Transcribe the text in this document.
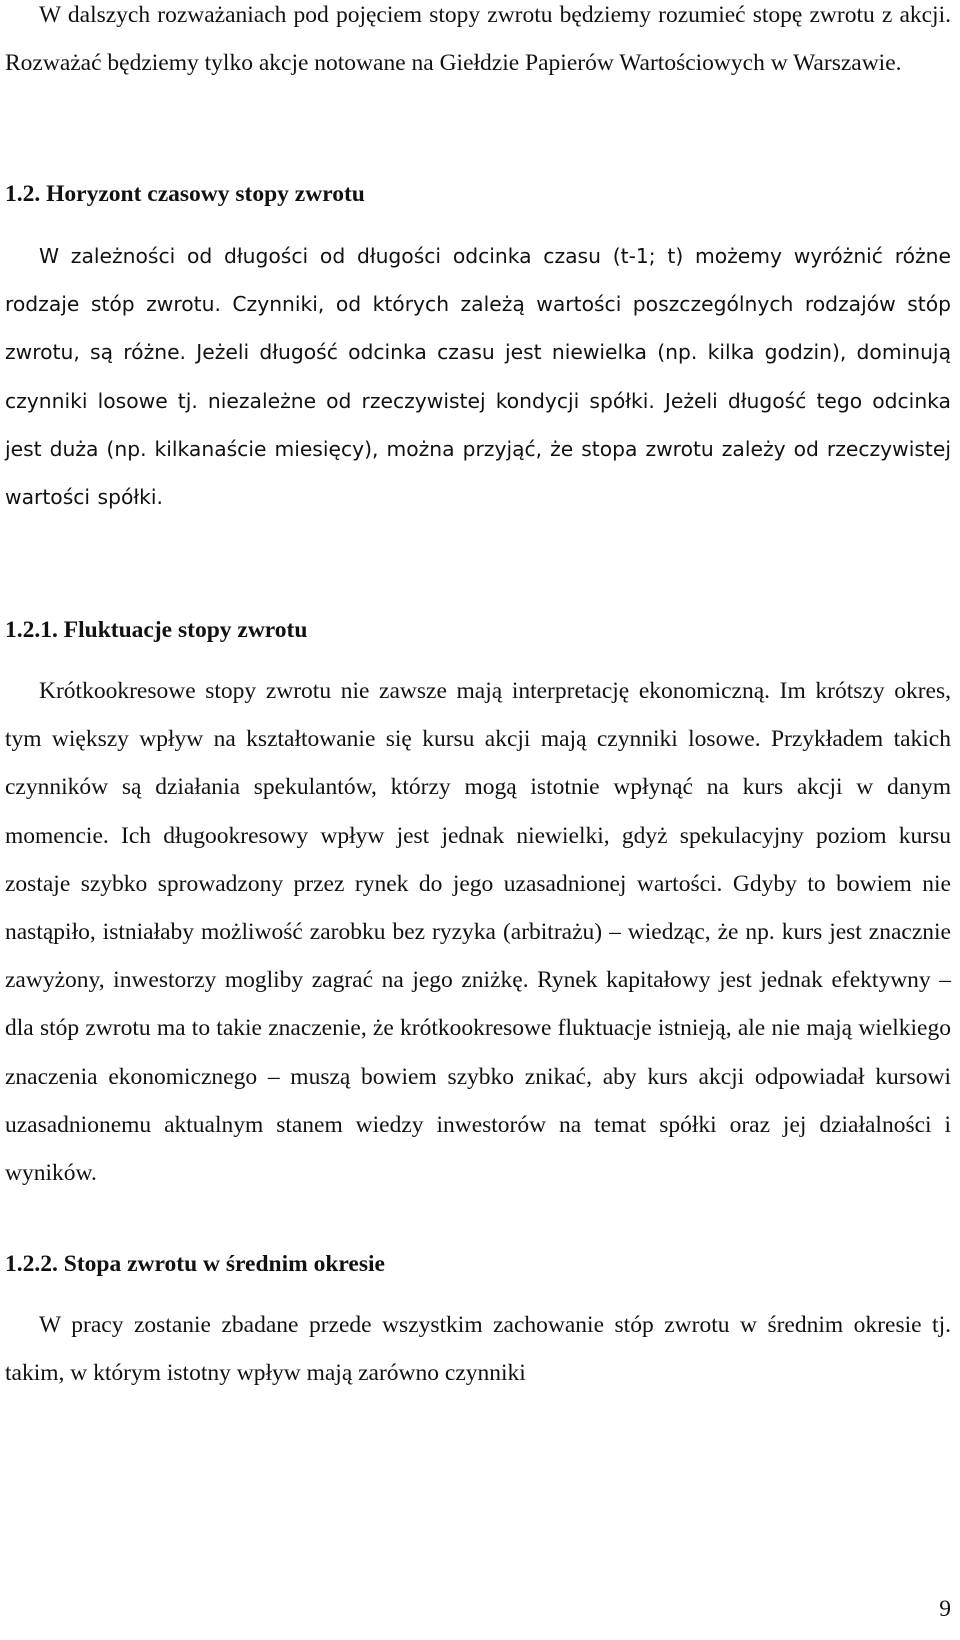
W dalszych rozważaniach pod pojęciem stopy zwrotu będziemy rozumieć stopę zwrotu z akcji. Rozważać będziemy tylko akcje notowane na Giełdzie Papierów Wartościowych w Warszawie.

1.2. Horyzont czasowy stopy zwrotu

W zależności od długości od długości odcinka czasu (t-1; t) możemy wyróżnić różne rodzaje stóp zwrotu. Czynniki, od których zależą wartości poszczególnych rodzajów stóp zwrotu, są różne. Jeżeli długość odcinka czasu jest niewielka (np. kilka godzin), dominują czynniki losowe tj. niezależne od rzeczywistej kondycji spółki. Jeżeli długość tego odcinka jest duża (np. kilkanaście miesięcy), można przyjąć, że stopa zwrotu zależy od rzeczywistej wartości spółki.

1.2.1. Fluktuacje stopy zwrotu

Krótkookresowe stopy zwrotu nie zawsze mają interpretację ekonomiczną. Im krótszy okres, tym większy wpływ na kształtowanie się kursu akcji mają czynniki losowe. Przykładem takich czynników są działania spekulantów, którzy mogą istotnie wpłynąć na kurs akcji w danym momencie. Ich długookresowy wpływ jest jednak niewielki, gdyż spekulacyjny poziom kursu zostaje szybko sprowadzony przez rynek do jego uzasadnionej wartości. Gdyby to bowiem nie nastąpiło, istniałaby możliwość zarobku bez ryzyka (arbitrażu) – wiedząc, że np. kurs jest znacznie zawyżony, inwestorzy mogliby zagrać na jego zniżkę. Rynek kapitałowy jest jednak efektywny – dla stóp zwrotu ma to takie znaczenie, że krótkookresowe fluktuacje istnieją, ale nie mają wielkiego znaczenia ekonomicznego – muszą bowiem szybko znikać, aby kurs akcji odpowiadał kursowi uzasadnionemu aktualnym stanem wiedzy inwestorów na temat spółki oraz jej działalności i wyników.

1.2.2. Stopa zwrotu w średnim okresie

W pracy zostanie zbadane przede wszystkim zachowanie stóp zwrotu w średnim okresie tj. takim, w którym istotny wpływ mają zarówno czynniki

9
